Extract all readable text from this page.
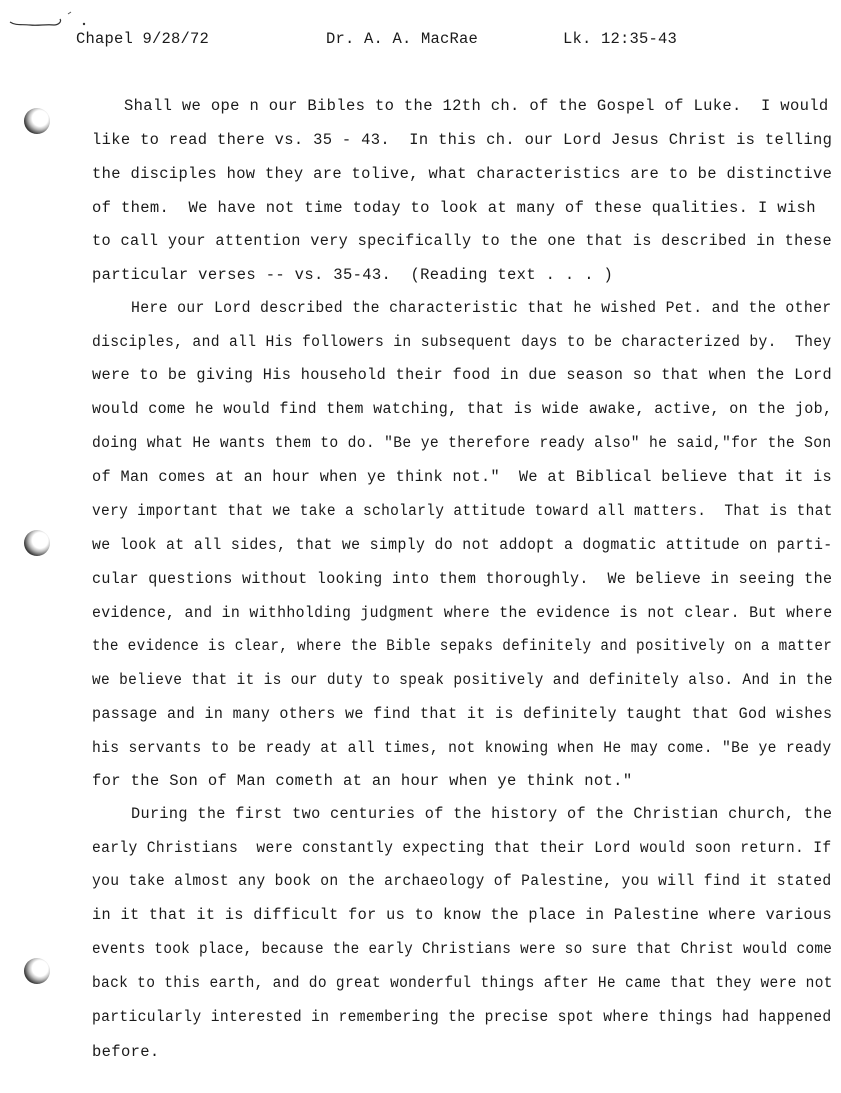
Chapel 9/28/72	Dr. A. A. MacRae	Lk. 12:35-43
Shall we ope n our Bibles to the 12th ch. of the Gospel of Luke.  I would
like to read there vs. 35 - 43.  In this ch. our Lord Jesus Christ is telling
the disciples how they are tolive, what characteristics are to be distinctive
of them.  We have not time today to look at many of these qualities. I wish
to call your attention very specifically to the one that is described in these
particular verses -- vs. 35-43.  (Reading text . . . )
Here our Lord described the characteristic that he wished Pet. and the other
disciples, and all His followers in subsequent days to be characterized by.  They
were to be giving His household their food in due season so that when the Lord
would come he would find them watching, that is wide awake, active, on the job,
doing what He wants them to do. "Be ye therefore ready also" he said,"for the Son
of Man comes at an hour when ye think not."  We at Biblical believe that it is
very important that we take a scholarly attitude toward all matters.  That is that
we look at all sides, that we simply do not addopt a dogmatic attitude on parti-
cular questions without looking into them thoroughly.  We believe in seeing the
evidence, and in withholding judgment where the evidence is not clear. But where
the evidence is clear, where the Bible sepaks definitely and positively on a matter
we believe that it is our duty to speak positively and definitely also. And in the
passage and in many others we find that it is definitely taught that God wishes
his servants to be ready at all times, not knowing when He may come. "Be ye ready
for the Son of Man cometh at an hour when ye think not."
During the first two centuries of the history of the Christian church, the
early Christians  were constantly expecting that their Lord would soon return. If
you take almost any book on the archaeology of Palestine, you will find it stated
in it that it is difficult for us to know the place in Palestine where various
events took place, because the early Christians were so sure that Christ would come
back to this earth, and do great wonderful things after He came that they were not
particularly interested in remembering the precise spot where things had happened
before.
